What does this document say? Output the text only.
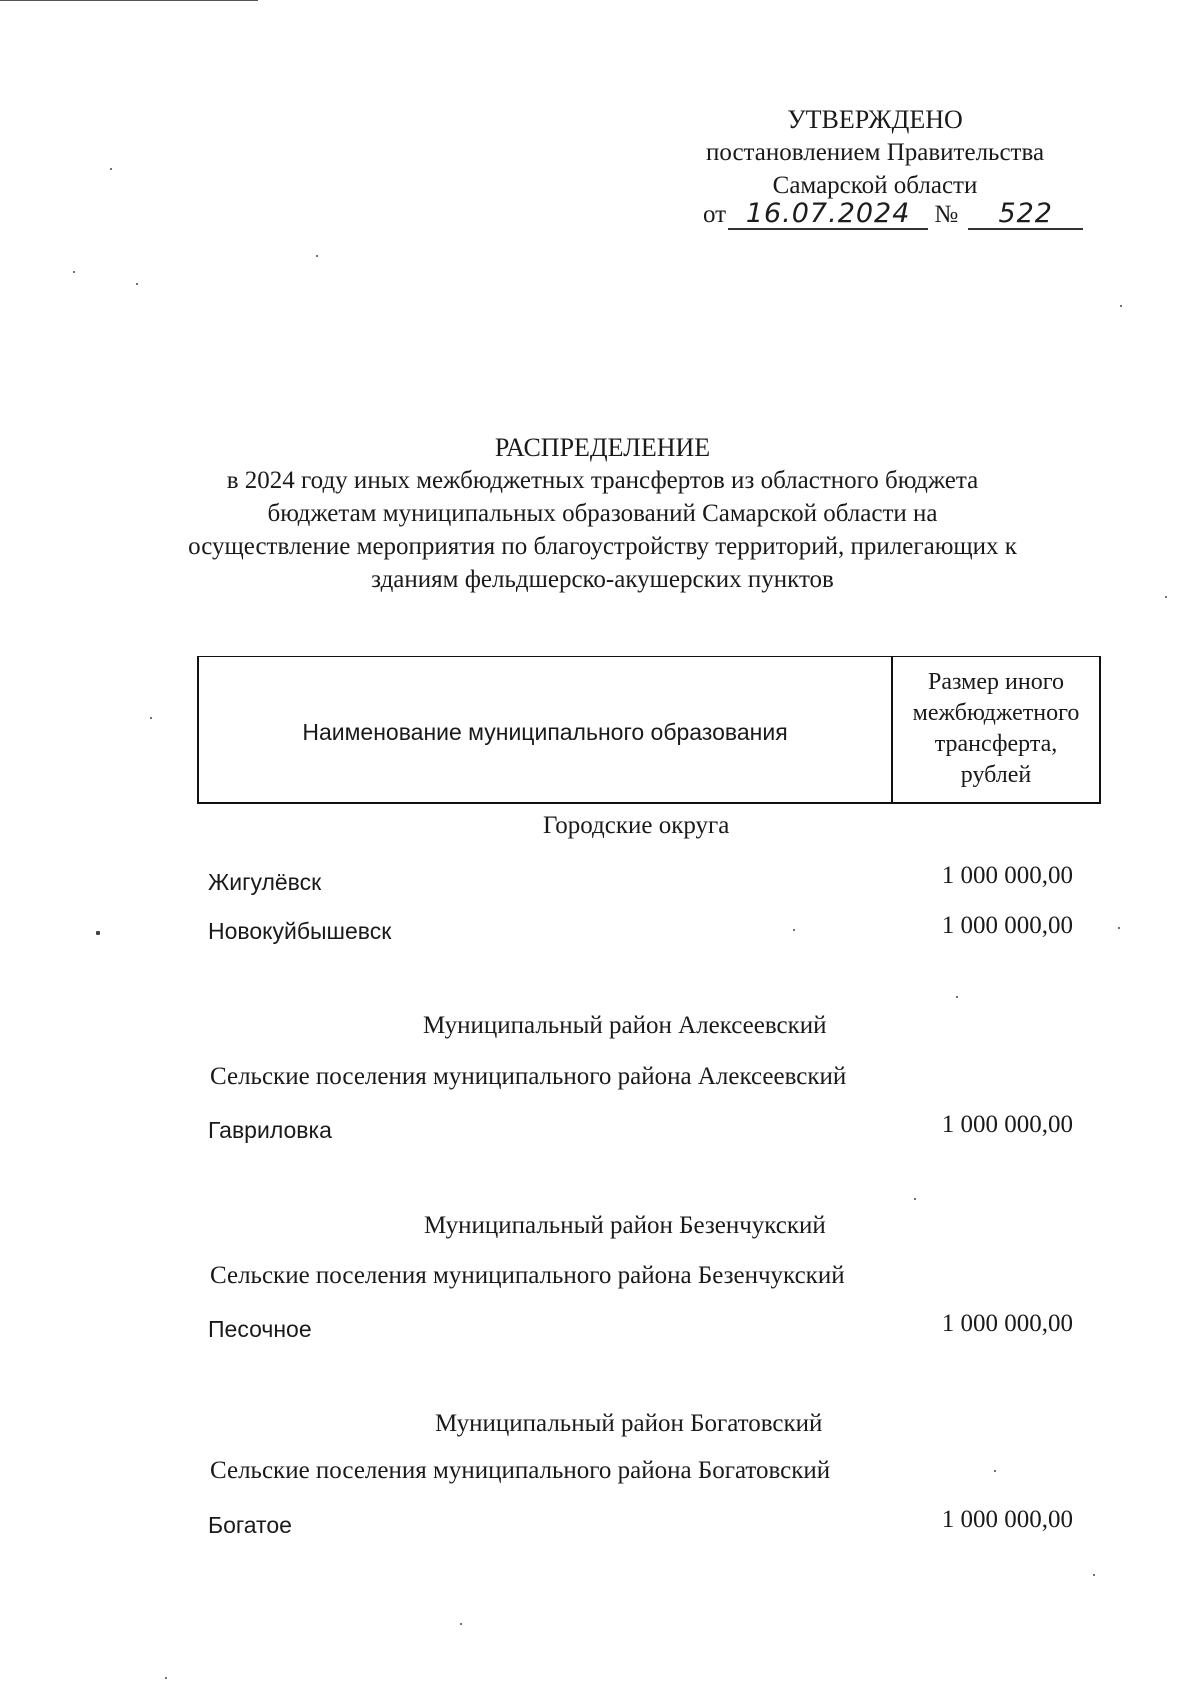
УТВЕРЖДЕНО
постановлением Правительства
Самарской области
от 16.07.2024 № 522
РАСПРЕДЕЛЕНИЕ
в 2024 году иных межбюджетных трансфертов из областного бюджета
бюджетам муниципальных образований Самарской области на
осуществление мероприятия по благоустройству территорий, прилегающих к
зданиям фельдшерско-акушерских пунктов
Наименование муниципального образования
Размер иного
межбюджетного
трансферта,
рублей
Городские округа
Жигулёвск	1 000 000,00
Новокуйбышевск	1 000 000,00
Муниципальный район Алексеевский
Сельские поселения муниципального района Алексеевский
Гавриловка	1 000 000,00
Муниципальный район Безенчукский
Сельские поселения муниципального района Безенчукский
Песочное	1 000 000,00
Муниципальный район Богатовский
Сельские поселения муниципального района Богатовский
Богатое	1 000 000,00
